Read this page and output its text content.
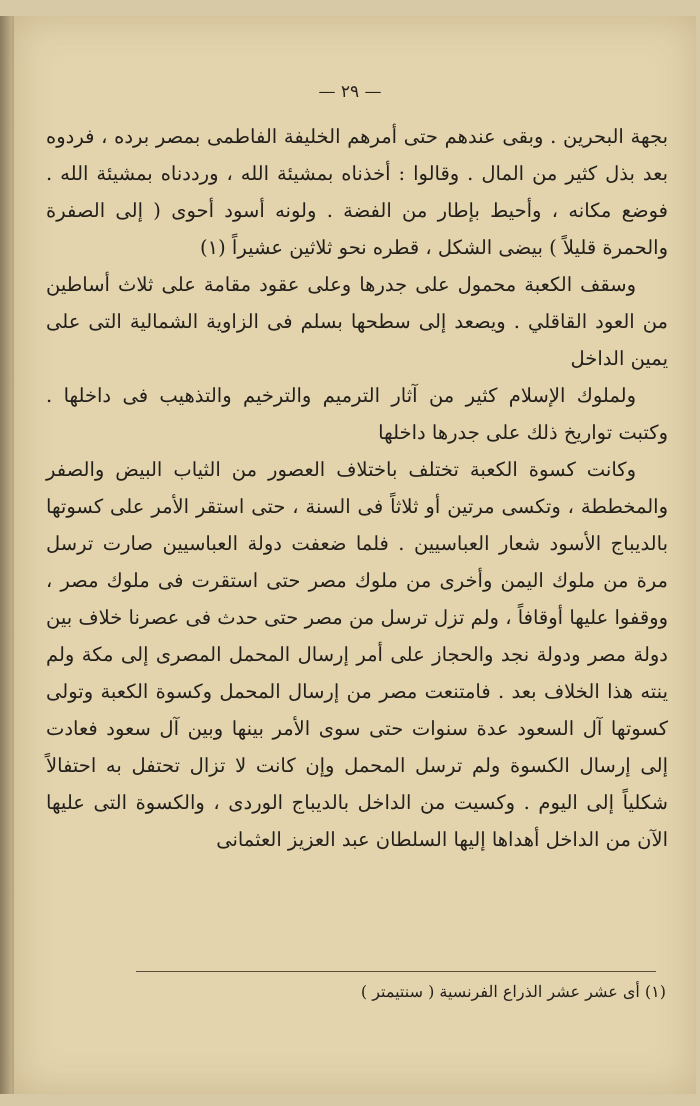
— ٢٩ —

بجهة البحرين . وبقى عندهم حتى أمرهم الخليفة الفاطمى بمصر برده ، فردوه بعد بذل كثير من المال . وقالوا : أخذناه بمشيئة الله ، ورددناه بمشيئة الله . فوضع مكانه ، وأحيط بإطار من الفضة . ولونه أسود أحوى ( إلى الصفرة والحمرة قليلاً ) بيضى الشكل ، قطره نحو ثلاثين عشيراً (١)

وسقف الكعبة محمول على جدرها وعلى عقود مقامة على ثلاث أساطين من العود القاقلي . ويصعد إلى سطحها بسلم فى الزاوية الشمالية التى على يمين الداخل

ولملوك الإسلام كثير من آثار الترميم والترخيم والتذهيب فى داخلها . وكتبت تواريخ ذلك على جدرها داخلها

وكانت كسوة الكعبة تختلف باختلاف العصور من الثياب البيض والصفر والمخططة ، وتكسى مرتين أو ثلاثاً فى السنة ، حتى استقر الأمر على كسوتها بالديباج الأسود شعار العباسيين . فلما ضعفت دولة العباسيين صارت ترسل مرة من ملوك اليمن وأخرى من ملوك مصر حتى استقرت فى ملوك مصر ، ووقفوا عليها أوقافاً ، ولم تزل ترسل من مصر حتى حدث فى عصرنا خلاف بين دولة مصر ودولة نجد والحجاز على أمر إرسال المحمل المصرى إلى مكة ولم ينته هذا الخلاف بعد . فامتنعت مصر من إرسال المحمل وكسوة الكعبة وتولى كسوتها آل السعود عدة سنوات حتى سوى الأمر بينها وبين آل سعود فعادت إلى إرسال الكسوة ولم ترسل المحمل وإن كانت لا تزال تحتفل به احتفالاً شكلياً إلى اليوم . وكسيت من الداخل بالديباج الوردى ، والكسوة التى عليها الآن من الداخل أهداها إليها السلطان عبد العزيز العثمانى

(١) أى عشر عشر الذراع الفرنسية ( سنتيمتر )
